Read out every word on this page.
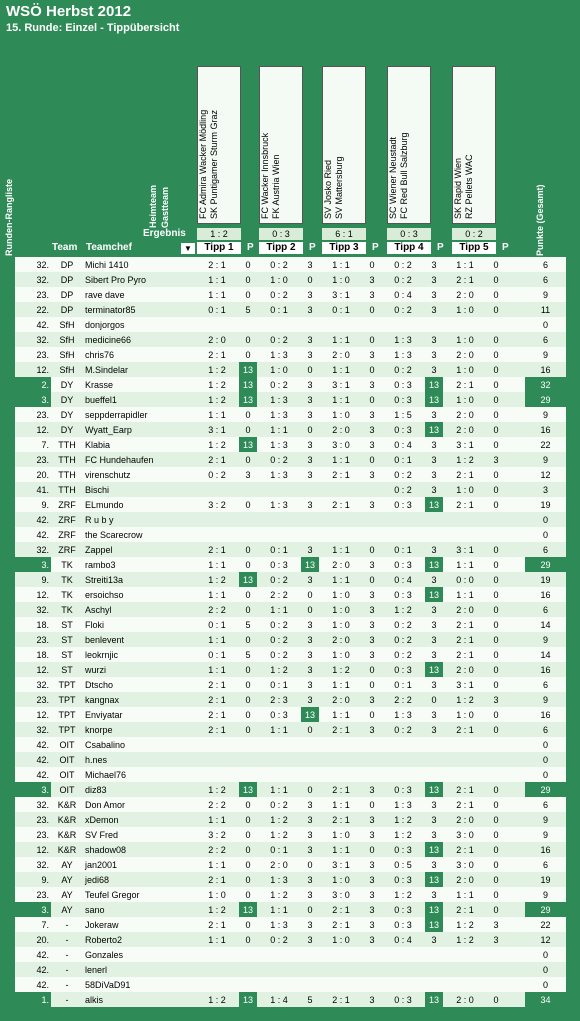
WSÖ Herbst 2012
15. Runde: Einzel - Tippübersicht
Heimteam Gastteam
Runden-Rangliste	Punkte (Gesamt)
Ergebnis
FC Admira Wacker MödlingSK Puntigamer Sturm Graz
1 : 2
FC Wacker InnsbruckFK Austria Wien
0 : 3
SV Josko RiedSV Mattersburg
6 : 1
SC Wiener NeustadtFC Red Bull Salzburg
0 : 3
SK Rapid WienRZ Pellets WAC
0 : 2
Team Teamchef	▼	Tipp 1	P	Tipp 2	P	Tipp 3	P	Tipp 4	P	Tipp 5	P
32.	DP	Michi 1410	2 : 1	0	0 : 2	3	1 : 1	0	0 : 2	3	1 : 1	0		6
32.	DP	Sibert Pro Pyro	1 : 1	0	1 : 0	0	1 : 0	3	0 : 2	3	2 : 1	0		6
23.	DP	rave dave	1 : 1	0	0 : 2	3	3 : 1	3	0 : 4	3	2 : 0	0		9
22.	DP	terminator85	0 : 1	5	0 : 1	3	0 : 1	0	0 : 2	3	1 : 0	0		11
42.	SfH	donjorgos												0
32.	SfH	medicine66	2 : 0	0	0 : 2	3	1 : 1	0	1 : 3	3	1 : 0	0		6
23.	SfH	chris76	2 : 1	0	1 : 3	3	2 : 0	3	1 : 3	3	2 : 0	0		9
12.	SfH	M.Sindelar	1 : 2	13	1 : 0	0	1 : 1	0	0 : 2	3	1 : 0	0		16
2.	DY	Krasse	1 : 2	13	0 : 2	3	3 : 1	3	0 : 3	13	2 : 1	0		32
3.	DY	bueffel1	1 : 2	13	1 : 3	3	1 : 1	0	0 : 3	13	1 : 0	0		29
23.	DY	seppderrapidler	1 : 1	0	1 : 3	3	1 : 0	3	1 : 5	3	2 : 0	0		9
12.	DY	Wyatt_Earp	3 : 1	0	1 : 1	0	2 : 0	3	0 : 3	13	2 : 0	0		16
7.	TTH	Klabia	1 : 2	13	1 : 3	3	3 : 0	3	0 : 4	3	3 : 1	0		22
23.	TTH	FC Hundehaufen	2 : 1	0	0 : 2	3	1 : 1	0	0 : 1	3	1 : 2	3		9
20.	TTH	virenschutz	0 : 2	3	1 : 3	3	2 : 1	3	0 : 2	3	2 : 1	0		12
41.	TTH	Bischi							0 : 2	3	1 : 0	0		3
9.	ZRF	ELmundo	3 : 2	0	1 : 3	3	2 : 1	3	0 : 3	13	2 : 1	0		19
42.	ZRF	R u b y												0
42.	ZRF	the Scarecrow												0
32.	ZRF	Zappel	2 : 1	0	0 : 1	3	1 : 1	0	0 : 1	3	3 : 1	0		6
3.	TK	rambo3	1 : 1	0	0 : 3	13	2 : 0	3	0 : 3	13	1 : 1	0		29
9.	TK	Streiti13a	1 : 2	13	0 : 2	3	1 : 1	0	0 : 4	3	0 : 0	0		19
12.	TK	ersoichso	1 : 1	0	2 : 2	0	1 : 0	3	0 : 3	13	1 : 1	0		16
32.	TK	Aschyl	2 : 2	0	1 : 1	0	1 : 0	3	1 : 2	3	2 : 0	0		6
18.	ST	Floki	0 : 1	5	0 : 2	3	1 : 0	3	0 : 2	3	2 : 1	0		14
23.	ST	benlevent	1 : 1	0	0 : 2	3	2 : 0	3	0 : 2	3	2 : 1	0		9
18.	ST	leokrnjic	0 : 1	5	0 : 2	3	1 : 0	3	0 : 2	3	2 : 1	0		14
12.	ST	wurzi	1 : 1	0	1 : 2	3	1 : 2	0	0 : 3	13	2 : 0	0		16
32.	TPT	Dtscho	2 : 1	0	0 : 1	3	1 : 1	0	0 : 1	3	3 : 1	0		6
23.	TPT	kangnax	2 : 1	0	2 : 3	3	2 : 0	3	2 : 2	0	1 : 2	3		9
12.	TPT	Enviyatar	2 : 1	0	0 : 3	13	1 : 1	0	1 : 3	3	1 : 0	0		16
32.	TPT	knorpe	2 : 1	0	1 : 1	0	2 : 1	3	0 : 2	3	2 : 1	0		6
42.	OIT	Csabalino												0
42.	OIT	h.nes												0
42.	OIT	Michael76												0
3.	OIT	diz83	1 : 2	13	1 : 1	0	2 : 1	3	0 : 3	13	2 : 1	0		29
32.	K&R	Don Amor	2 : 2	0	0 : 2	3	1 : 1	0	1 : 3	3	2 : 1	0		6
23.	K&R	xDemon	1 : 1	0	1 : 2	3	2 : 1	3	1 : 2	3	2 : 0	0		9
23.	K&R	SV Fred	3 : 2	0	1 : 2	3	1 : 0	3	1 : 2	3	3 : 0	0		9
12.	K&R	shadow08	2 : 2	0	0 : 1	3	1 : 1	0	0 : 3	13	2 : 1	0		16
32.	AY	jan2001	1 : 1	0	2 : 0	0	3 : 1	3	0 : 5	3	3 : 0	0		6
9.	AY	jedi68	2 : 1	0	1 : 3	3	1 : 0	3	0 : 3	13	2 : 0	0		19
23.	AY	Teufel Gregor	1 : 0	0	1 : 2	3	3 : 0	3	1 : 2	3	1 : 1	0		9
3.	AY	sano	1 : 2	13	1 : 1	0	2 : 1	3	0 : 3	13	2 : 1	0		29
7.	-	Jokeraw	2 : 1	0	1 : 3	3	2 : 1	3	0 : 3	13	1 : 2	3		22
20.	-	Roberto2	1 : 1	0	0 : 2	3	1 : 0	3	0 : 4	3	1 : 2	3		12
42.	-	Gonzales												0
42.	-	lenerl												0
42.	-	58DiVaD91												0
1.	-	alkis	1 : 2	13	1 : 4	5	2 : 1	3	0 : 3	13	2 : 0	0		34
